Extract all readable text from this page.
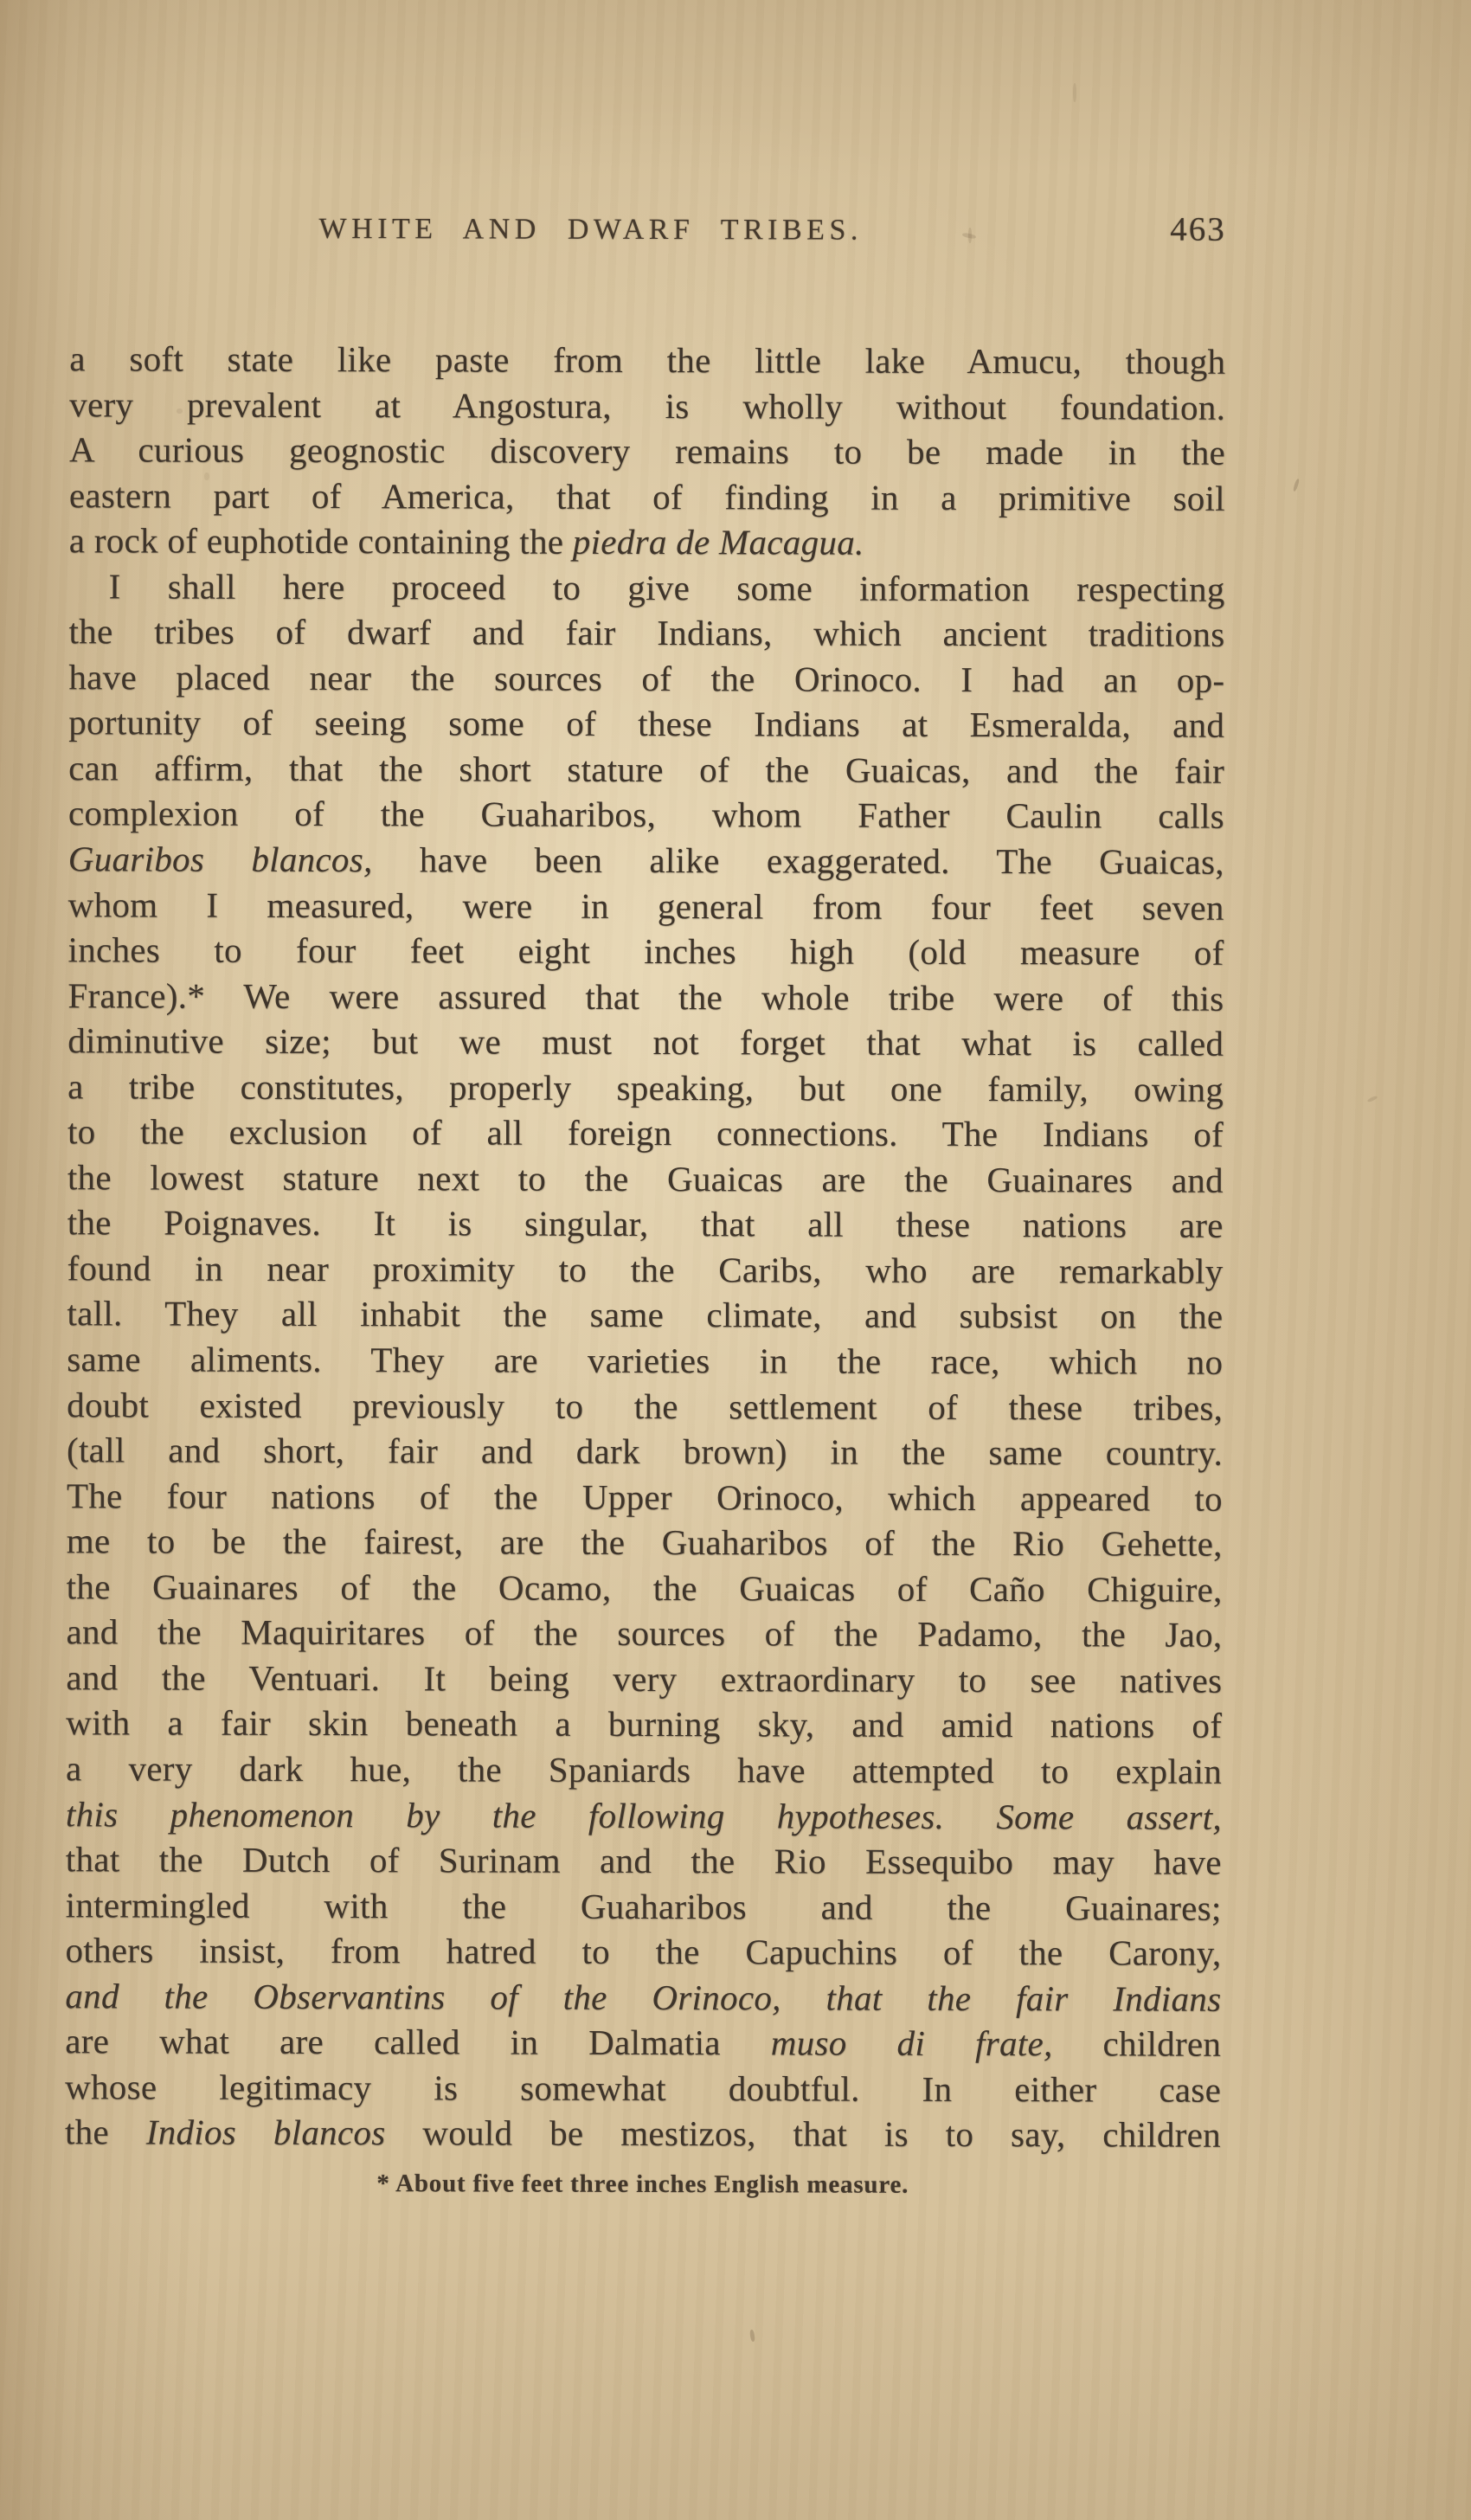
WHITE AND DWARF TRIBES.	463
a soft state like paste from the little lake Amucu, though
very prevalent at Angostura, is wholly without foundation.
A curious geognostic discovery remains to be made in the
eastern part of America, that of finding in a primitive soil
a rock of euphotide containing the piedra de Macagua.
I shall here proceed to give some information respecting
the tribes of dwarf and fair Indians, which ancient traditions
have placed near the sources of the Orinoco. I had an op-
portunity of seeing some of these Indians at Esmeralda, and
can affirm, that the short stature of the Guaicas, and the fair
complexion of the Guaharibos, whom Father Caulin calls
Guaribos blancos, have been alike exaggerated. The Guaicas,
whom I measured, were in general from four feet seven
inches to four feet eight inches high (old measure of
France).* We were assured that the whole tribe were of this
diminutive size; but we must not forget that what is called
a tribe constitutes, properly speaking, but one family, owing
to the exclusion of all foreign connections. The Indians of
the lowest stature next to the Guaicas are the Guainares and
the Poignaves. It is singular, that all these nations are
found in near proximity to the Caribs, who are remarkably
tall. They all inhabit the same climate, and subsist on the
same aliments. They are varieties in the race, which no
doubt existed previously to the settlement of these tribes,
(tall and short, fair and dark brown) in the same country.
The four nations of the Upper Orinoco, which appeared to
me to be the fairest, are the Guaharibos of the Rio Gehette,
the Guainares of the Ocamo, the Guaicas of Caño Chiguire,
and the Maquiritares of the sources of the Padamo, the Jao,
and the Ventuari. It being very extraordinary to see natives
with a fair skin beneath a burning sky, and amid nations of
a very dark hue, the Spaniards have attempted to explain
this phenomenon by the following hypotheses. Some assert,
that the Dutch of Surinam and the Rio Essequibo may have
intermingled with the Guaharibos and the Guainares;
others insist, from hatred to the Capuchins of the Carony,
and the Observantins of the Orinoco, that the fair Indians
are what are called in Dalmatia muso di frate, children
whose legitimacy is somewhat doubtful. In either case
the Indios blancos would be mestizos, that is to say, children
* About five feet three inches English measure.
